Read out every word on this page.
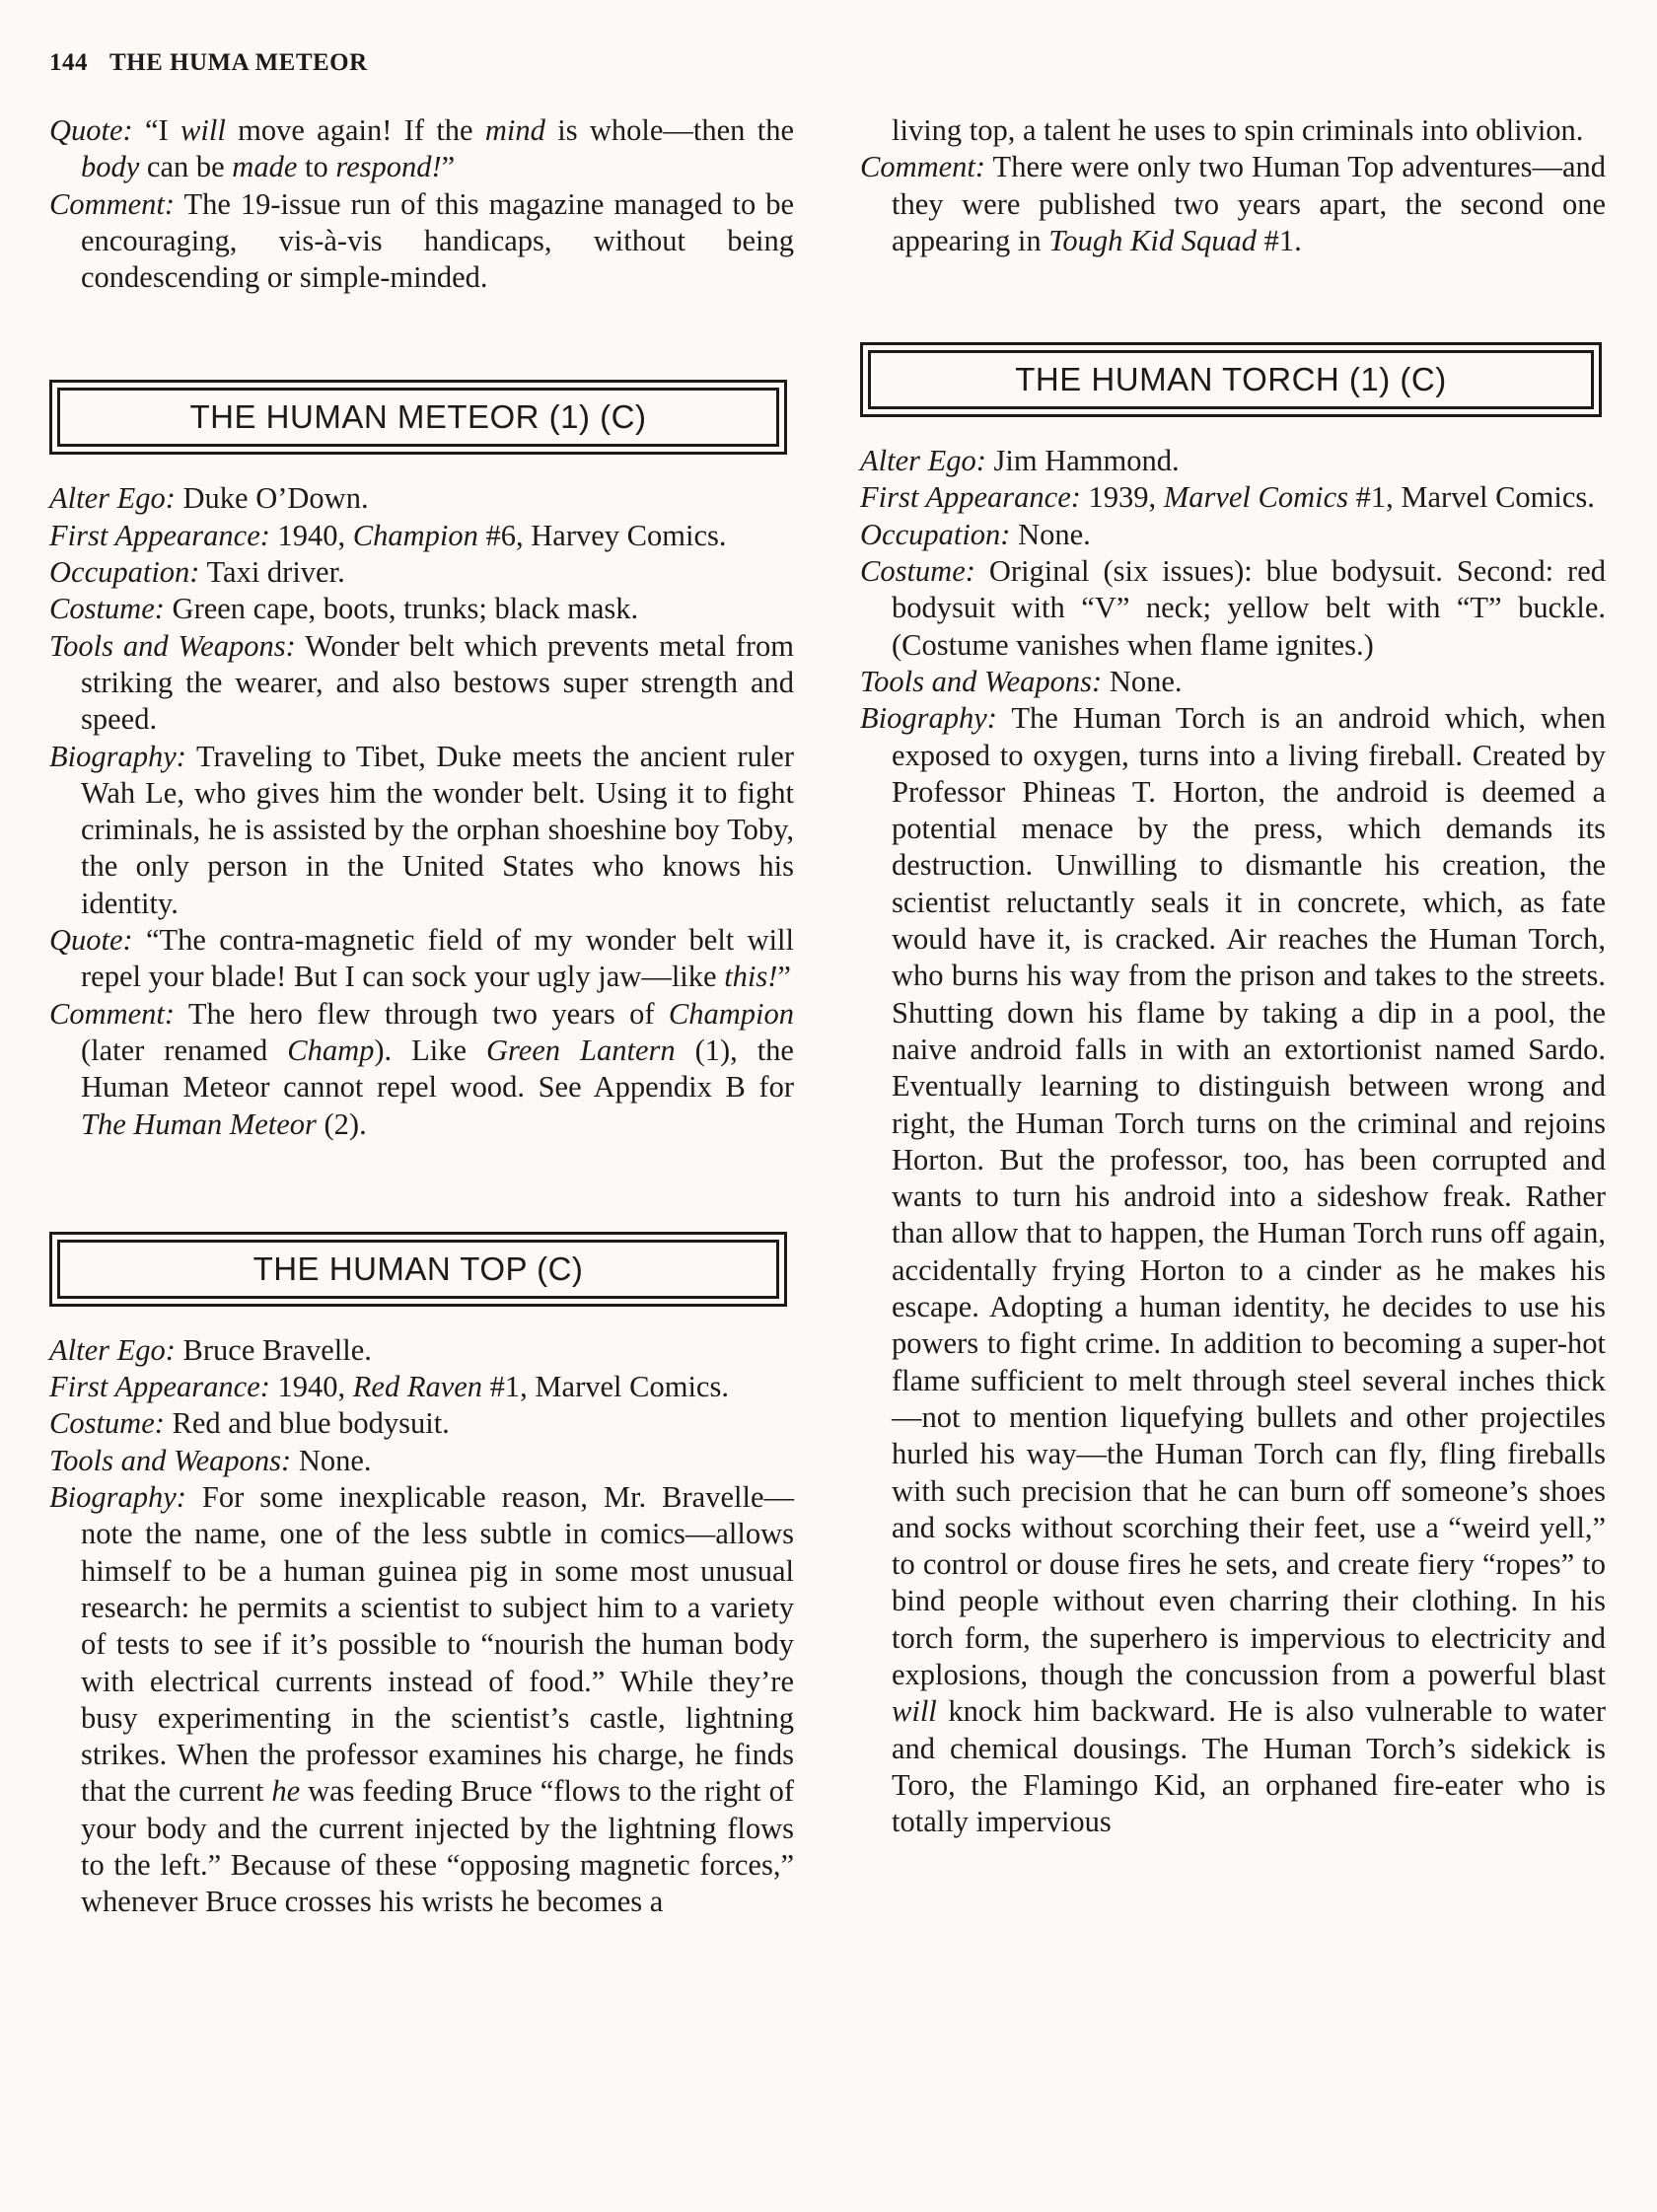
144 THE HUMA METEOR

Quote: “I will move again! If the mind is whole—then the body can be made to respond!”

Comment: The 19-issue run of this magazine managed to be encouraging, vis-à-vis handicaps, without being condescending or simple-minded.

THE HUMAN METEOR (1) (C)

Alter Ego: Duke O’Down.

First Appearance: 1940, Champion #6, Harvey Comics.

Occupation: Taxi driver.

Costume: Green cape, boots, trunks; black mask.

Tools and Weapons: Wonder belt which prevents metal from striking the wearer, and also bestows super strength and speed.

Biography: Traveling to Tibet, Duke meets the ancient ruler Wah Le, who gives him the wonder belt. Using it to fight criminals, he is assisted by the orphan shoeshine boy Toby, the only person in the United States who knows his identity.

Quote: “The contra-magnetic field of my wonder belt will repel your blade! But I can sock your ugly jaw—like this!”

Comment: The hero flew through two years of Champion (later renamed Champ). Like Green Lantern (1), the Human Meteor cannot repel wood. See Appendix B for The Human Meteor (2).

THE HUMAN TOP (C)

Alter Ego: Bruce Bravelle.

First Appearance: 1940, Red Raven #1, Marvel Comics.

Costume: Red and blue bodysuit.

Tools and Weapons: None.

Biography: For some inexplicable reason, Mr. Bravelle—note the name, one of the less subtle in comics—allows himself to be a human guinea pig in some most unusual research: he permits a scientist to subject him to a variety of tests to see if it’s possible to “nourish the human body with electrical currents instead of food.” While they’re busy experimenting in the scientist’s castle, lightning strikes. When the professor examines his charge, he finds that the current he was feeding Bruce “flows to the right of your body and the current injected by the lightning flows to the left.” Because of these “opposing magnetic forces,” whenever Bruce crosses his wrists he becomes a

living top, a talent he uses to spin criminals into oblivion.

Comment: There were only two Human Top adventures—and they were published two years apart, the second one appearing in Tough Kid Squad #1.

THE HUMAN TORCH (1) (C)

Alter Ego: Jim Hammond.

First Appearance: 1939, Marvel Comics #1, Marvel Comics.

Occupation: None.

Costume: Original (six issues): blue bodysuit. Second: red bodysuit with “V” neck; yellow belt with “T” buckle. (Costume vanishes when flame ignites.)

Tools and Weapons: None.

Biography: The Human Torch is an android which, when exposed to oxygen, turns into a living fireball. Created by Professor Phineas T. Horton, the android is deemed a potential menace by the press, which demands its destruction. Unwilling to dismantle his creation, the scientist reluctantly seals it in concrete, which, as fate would have it, is cracked. Air reaches the Human Torch, who burns his way from the prison and takes to the streets. Shutting down his flame by taking a dip in a pool, the naive android falls in with an extortionist named Sardo. Eventually learning to distinguish between wrong and right, the Human Torch turns on the criminal and rejoins Horton. But the professor, too, has been corrupted and wants to turn his android into a sideshow freak. Rather than allow that to happen, the Human Torch runs off again, accidentally frying Horton to a cinder as he makes his escape. Adopting a human identity, he decides to use his powers to fight crime. In addition to becoming a super-hot flame sufficient to melt through steel several inches thick—not to mention liquefying bullets and other projectiles hurled his way—the Human Torch can fly, fling fireballs with such precision that he can burn off someone’s shoes and socks without scorching their feet, use a “weird yell,” to control or douse fires he sets, and create fiery “ropes” to bind people without even charring their clothing. In his torch form, the superhero is impervious to electricity and explosions, though the concussion from a powerful blast will knock him backward. He is also vulnerable to water and chemical dousings. The Human Torch’s sidekick is Toro, the Flamingo Kid, an orphaned fire-eater who is totally impervious
